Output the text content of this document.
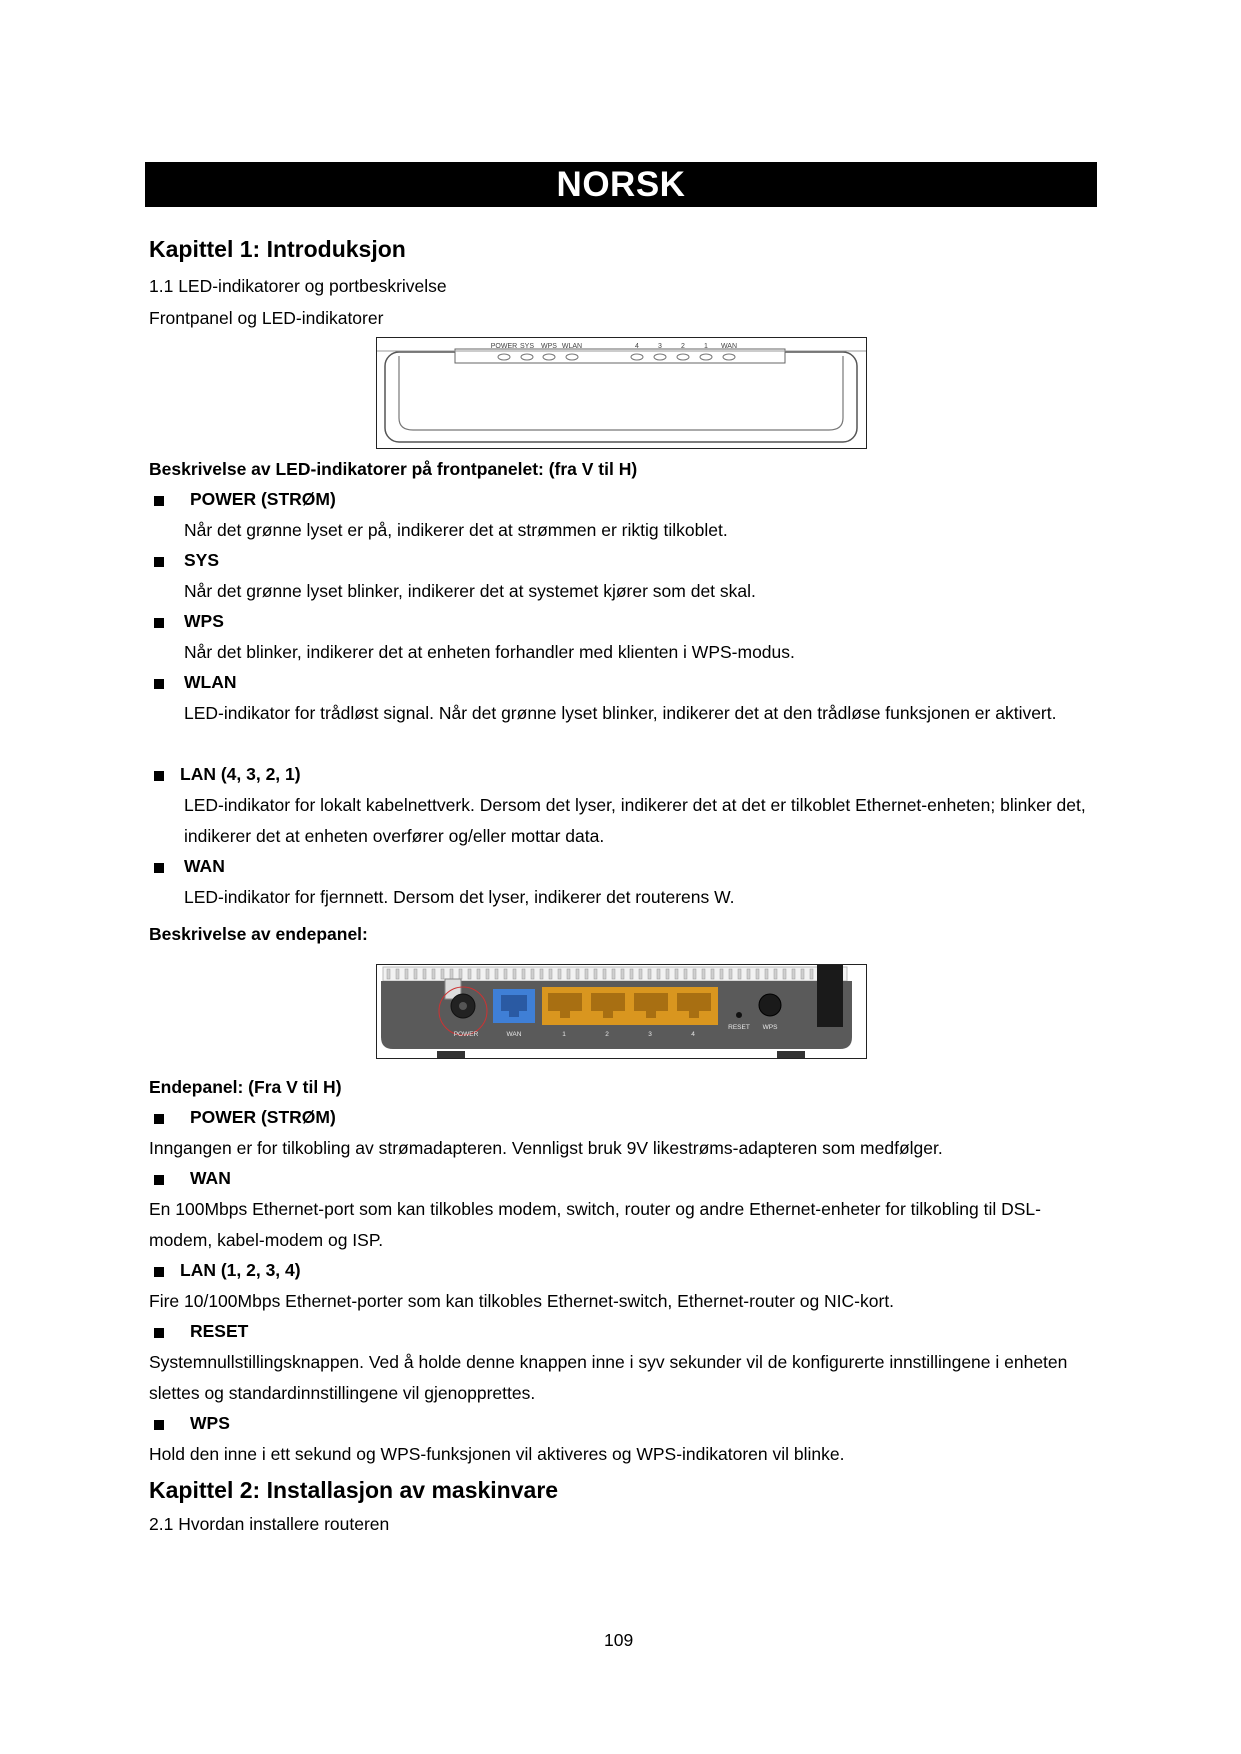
NORSK
Kapittel 1: Introduksjon
1.1 LED-indikatorer og portbeskrivelse
Frontpanel og LED-indikatorer
POWER SYS WPS WLAN	4	3	2	1 WAN
Beskrivelse av LED-indikatorer på frontpanelet: (fra V til H)
POWER (STRØM)
Når det grønne lyset er på, indikerer det at strømmen er riktig tilkoblet.
SYS
Når det grønne lyset blinker, indikerer det at systemet kjører som det skal.
WPS
Når det blinker, indikerer det at enheten forhandler med klienten i WPS-modus.
WLAN
LED-indikator for trådløst signal. Når det grønne lyset blinker, indikerer det at den trådløse funksjonen er aktivert.
LAN (4, 3, 2, 1)
LED-indikator for lokalt kabelnettverk. Dersom det lyser, indikerer det at det er tilkoblet Ethernet-enheten; blinker det, indikerer det at enheten overfører og/eller mottar data.
WAN
LED-indikator for fjernnett. Dersom det lyser, indikerer det routerens W.
Beskrivelse av endepanel:
POWER	WAN	1	2	3	4
RESET WPS
Endepanel: (Fra V til H)
POWER (STRØM)
Inngangen er for tilkobling av strømadapteren. Vennligst bruk 9V likestrøms-adapteren som medfølger.
WAN
En 100Mbps Ethernet-port som kan tilkobles modem, switch, router og andre Ethernet-enheter for tilkobling til DSL-modem, kabel-modem og ISP.
LAN (1, 2, 3, 4)
Fire 10/100Mbps Ethernet-porter som kan tilkobles Ethernet-switch, Ethernet-router og NIC-kort.
RESET
Systemnullstillingsknappen. Ved å holde denne knappen inne i syv sekunder vil de konfigurerte innstillingene i enheten slettes og standardinnstillingene vil gjenopprettes.
WPS
Hold den inne i ett sekund og WPS-funksjonen vil aktiveres og WPS-indikatoren vil blinke.
Kapittel 2: Installasjon av maskinvare
2.1 Hvordan installere routeren
109
